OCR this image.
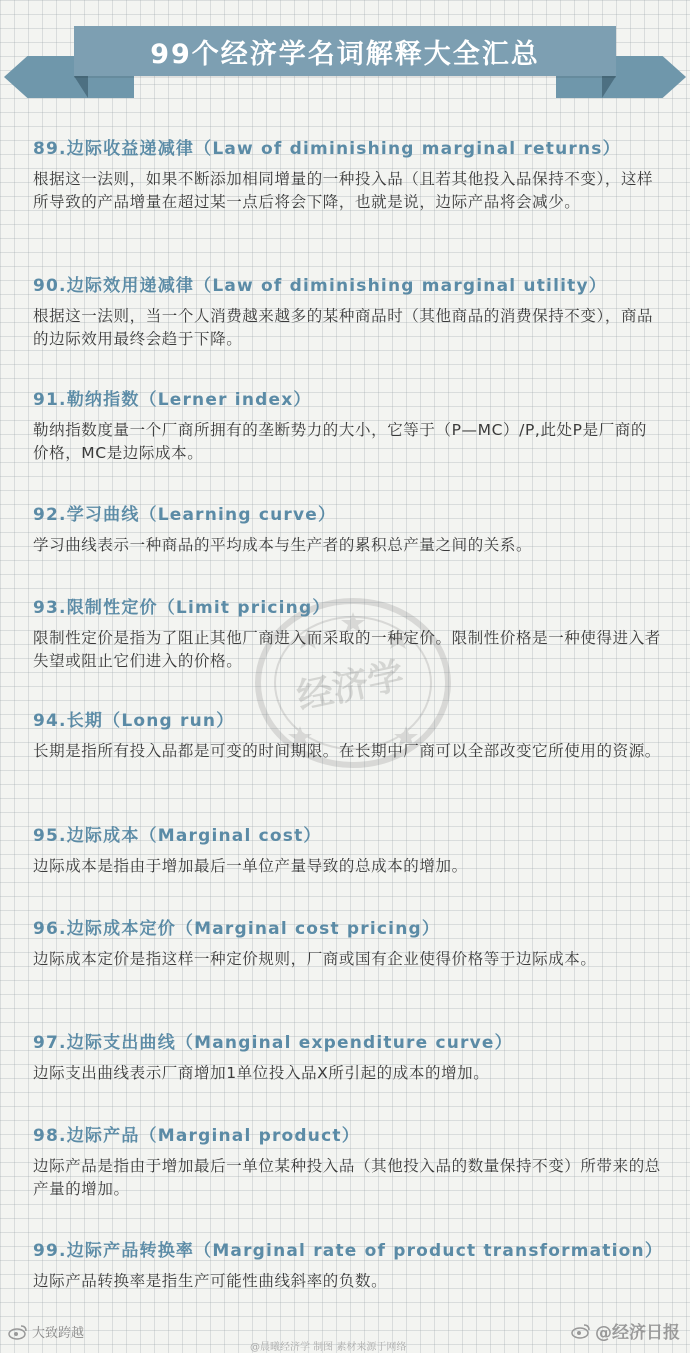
99个经济学名词解释大全汇总
经济学
89.边际收益递减律（Law of diminishing marginal returns）

根据这一法则，如果不断添加相同增量的一种投入品（且若其他投入品保持不变），这样所导致的产品增量在超过某一点后将会下降，也就是说，边际产品将会减少。

90.边际效用递减律（Law of diminishing marginal utility）

根据这一法则，当一个人消费越来越多的某种商品时（其他商品的消费保持不变），商品的边际效用最终会趋于下降。

91.勒纳指数（Lerner index）

勒纳指数度量一个厂商所拥有的垄断势力的大小，它等于（P—MC）/P,此处P是厂商的价格，MC是边际成本。

92.学习曲线（Learning curve）

学习曲线表示一种商品的平均成本与生产者的累积总产量之间的关系。

93.限制性定价（Limit pricing）

限制性定价是指为了阻止其他厂商进入而采取的一种定价。限制性价格是一种使得进入者失望或阻止它们进入的价格。

94.长期（Long run）

长期是指所有投入品都是可变的时间期限。在长期中厂商可以全部改变它所使用的资源。

95.边际成本（Marginal cost）

边际成本是指由于增加最后一单位产量导致的总成本的增加。

96.边际成本定价（Marginal cost pricing）

边际成本定价是指这样一种定价规则，厂商或国有企业使得价格等于边际成本。

97.边际支出曲线（Manginal expenditure curve）

边际支出曲线表示厂商增加1单位投入品X所引起的成本的增加。

98.边际产品（Marginal product）

边际产品是指由于增加最后一单位某种投入品（其他投入品的数量保持不变）所带来的总产量的增加。

99.边际产品转换率（Marginal rate of product transformation）

边际产品转换率是指生产可能性曲线斜率的负数。

大致跨越
@晨曦经济学 制图 素材来源于网络
@经济日报
